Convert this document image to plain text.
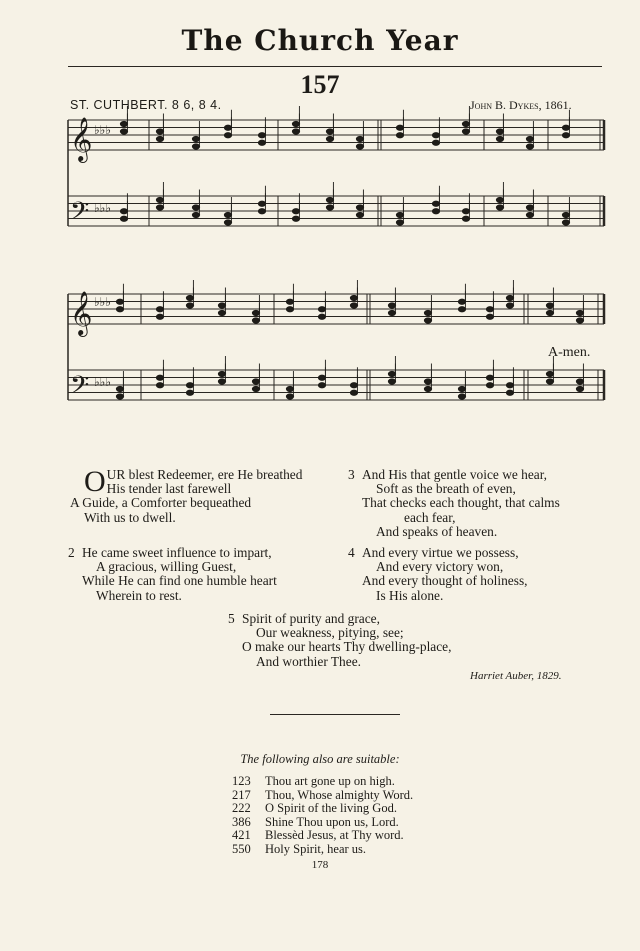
The Church Year
157
ST. CUTHBERT. 8 6, 8 4.	John B. Dykes, 1861.
𝄞
𝄢
𝄞
𝄢
♭♭♭
♭♭♭
♭♭♭
♭♭♭
A-men.
O UR blest Redeemer, ere He breathed
His tender last farewell
A Guide, a Comforter bequeathed
With us to dwell.
2 He came sweet influence to impart,
A gracious, willing Guest,
While He can find one humble heart
Wherein to rest.
3 And His that gentle voice we hear,
Soft as the breath of even,
That checks each thought, that calms
each fear,
And speaks of heaven.
4 And every virtue we possess,
And every victory won,
And every thought of holiness,
Is His alone.
5 Spirit of purity and grace,
Our weakness, pitying, see;
O make our hearts Thy dwelling-place,
And worthier Thee.
Harriet Auber, 1829.
The following also are suitable:
123 Thou art gone up on high.
217 Thou, Whose almighty Word.
222 O Spirit of the living God.
386 Shine Thou upon us, Lord.
421 Blessèd Jesus, at Thy word.
550 Holy Spirit, hear us.
178
